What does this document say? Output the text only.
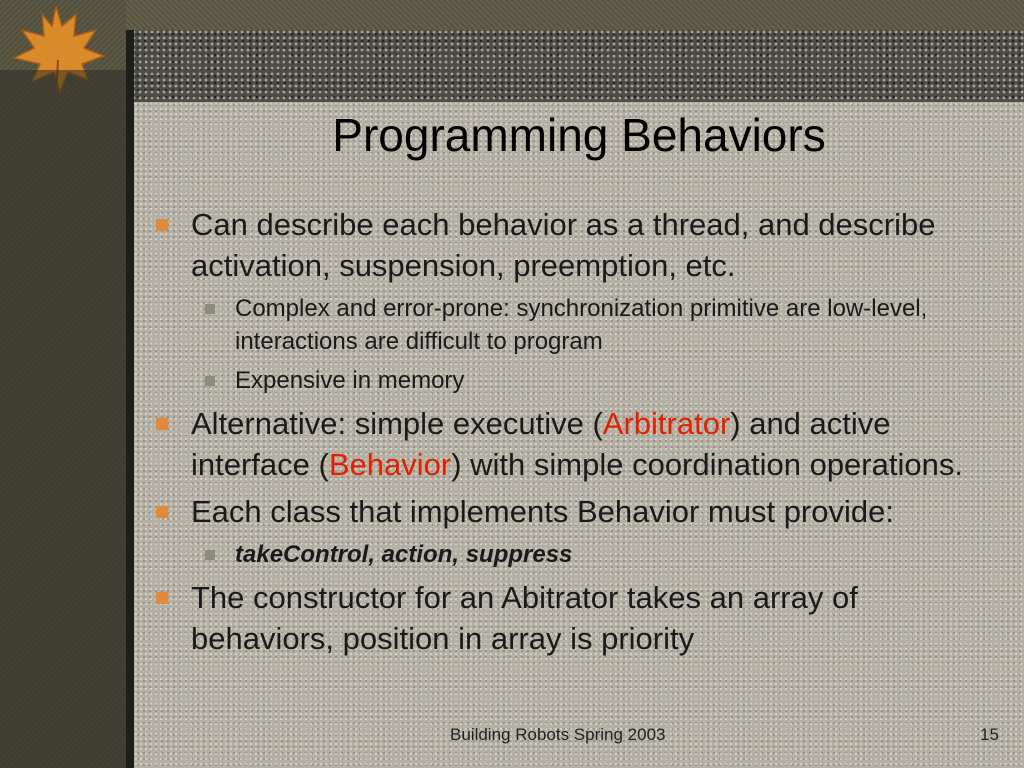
Programming Behaviors
Can describe each behavior as a thread, and describe activation, suspension, preemption, etc.
Complex and error-prone: synchronization primitive are low-level, interactions are difficult to program
Expensive in memory
Alternative: simple executive (Arbitrator) and active interface (Behavior) with simple coordination operations.
Each class that implements Behavior must provide:
takeControl, action, suppress
The constructor for an Abitrator takes an array of behaviors, position in array is priority
Building Robots Spring 2003	15
